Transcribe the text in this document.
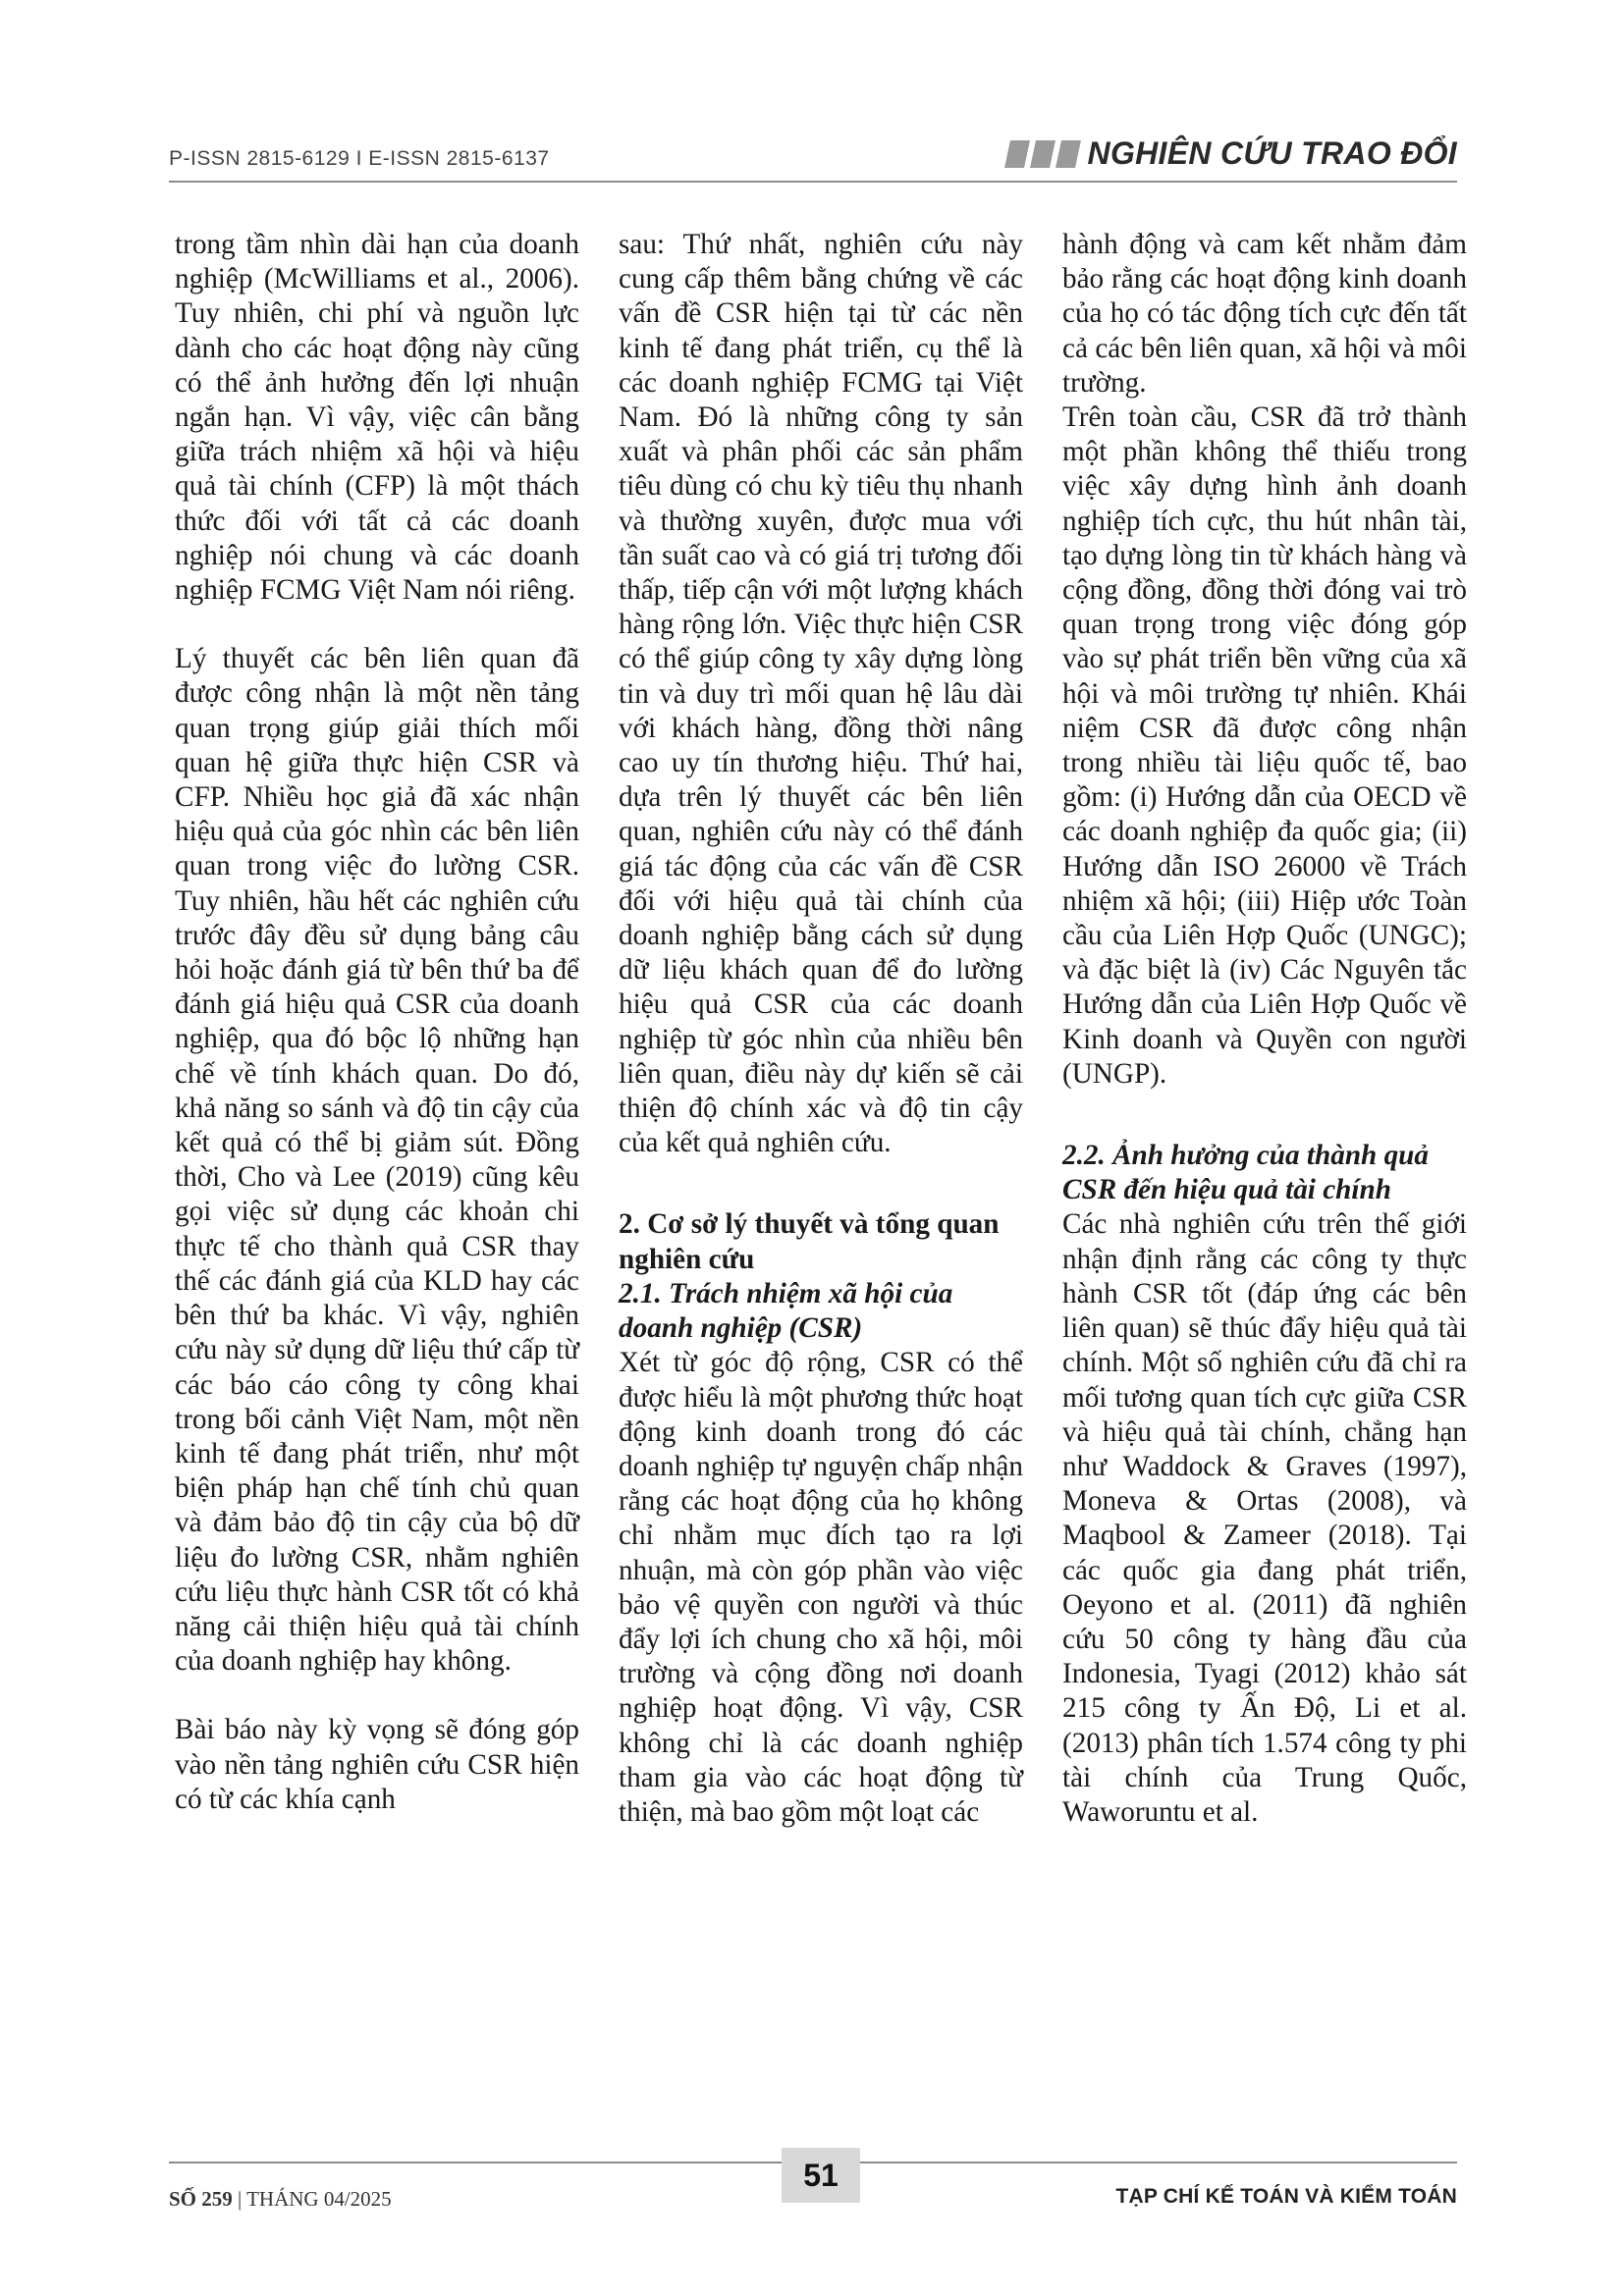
P-ISSN 2815-6129 I E-ISSN 2815-6137	NGHIÊN CỨU TRAO ĐỔI

trong tầm nhìn dài hạn của doanh nghiệp (McWilliams et al., 2006). Tuy nhiên, chi phí và nguồn lực dành cho các hoạt động này cũng có thể ảnh hưởng đến lợi nhuận ngắn hạn. Vì vậy, việc cân bằng giữa trách nhiệm xã hội và hiệu quả tài chính (CFP) là một thách thức đối với tất cả các doanh nghiệp nói chung và các doanh nghiệp FCMG Việt Nam nói riêng.

Lý thuyết các bên liên quan đã được công nhận là một nền tảng quan trọng giúp giải thích mối quan hệ giữa thực hiện CSR và CFP. Nhiều học giả đã xác nhận hiệu quả của góc nhìn các bên liên quan trong việc đo lường CSR. Tuy nhiên, hầu hết các nghiên cứu trước đây đều sử dụng bảng câu hỏi hoặc đánh giá từ bên thứ ba để đánh giá hiệu quả CSR của doanh nghiệp, qua đó bộc lộ những hạn chế về tính khách quan. Do đó, khả năng so sánh và độ tin cậy của kết quả có thể bị giảm sút. Đồng thời, Cho và Lee (2019) cũng kêu gọi việc sử dụng các khoản chi thực tế cho thành quả CSR thay thế các đánh giá của KLD hay các bên thứ ba khác. Vì vậy, nghiên cứu này sử dụng dữ liệu thứ cấp từ các báo cáo công ty công khai trong bối cảnh Việt Nam, một nền kinh tế đang phát triển, như một biện pháp hạn chế tính chủ quan và đảm bảo độ tin cậy của bộ dữ liệu đo lường CSR, nhằm nghiên cứu liệu thực hành CSR tốt có khả năng cải thiện hiệu quả tài chính của doanh nghiệp hay không.

Bài báo này kỳ vọng sẽ đóng góp vào nền tảng nghiên cứu CSR hiện có từ các khía cạnh

sau: Thứ nhất, nghiên cứu này cung cấp thêm bằng chứng về các vấn đề CSR hiện tại từ các nền kinh tế đang phát triển, cụ thể là các doanh nghiệp FCMG tại Việt Nam. Đó là những công ty sản xuất và phân phối các sản phẩm tiêu dùng có chu kỳ tiêu thụ nhanh và thường xuyên, được mua với tần suất cao và có giá trị tương đối thấp, tiếp cận với một lượng khách hàng rộng lớn. Việc thực hiện CSR có thể giúp công ty xây dựng lòng tin và duy trì mối quan hệ lâu dài với khách hàng, đồng thời nâng cao uy tín thương hiệu. Thứ hai, dựa trên lý thuyết các bên liên quan, nghiên cứu này có thể đánh giá tác động của các vấn đề CSR đối với hiệu quả tài chính của doanh nghiệp bằng cách sử dụng dữ liệu khách quan để đo lường hiệu quả CSR của các doanh nghiệp từ góc nhìn của nhiều bên liên quan, điều này dự kiến sẽ cải thiện độ chính xác và độ tin cậy của kết quả nghiên cứu.

2. Cơ sở lý thuyết và tổng quan nghiên cứu
2.1. Trách nhiệm xã hội của doanh nghiệp (CSR)

Xét từ góc độ rộng, CSR có thể được hiểu là một phương thức hoạt động kinh doanh trong đó các doanh nghiệp tự nguyện chấp nhận rằng các hoạt động của họ không chỉ nhằm mục đích tạo ra lợi nhuận, mà còn góp phần vào việc bảo vệ quyền con người và thúc đẩy lợi ích chung cho xã hội, môi trường và cộng đồng nơi doanh nghiệp hoạt động. Vì vậy, CSR không chỉ là các doanh nghiệp tham gia vào các hoạt động từ thiện, mà bao gồm một loạt các

hành động và cam kết nhằm đảm bảo rằng các hoạt động kinh doanh của họ có tác động tích cực đến tất cả các bên liên quan, xã hội và môi trường.

Trên toàn cầu, CSR đã trở thành một phần không thể thiếu trong việc xây dựng hình ảnh doanh nghiệp tích cực, thu hút nhân tài, tạo dựng lòng tin từ khách hàng và cộng đồng, đồng thời đóng vai trò quan trọng trong việc đóng góp vào sự phát triển bền vững của xã hội và môi trường tự nhiên. Khái niệm CSR đã được công nhận trong nhiều tài liệu quốc tế, bao gồm: (i) Hướng dẫn của OECD về các doanh nghiệp đa quốc gia; (ii) Hướng dẫn ISO 26000 về Trách nhiệm xã hội; (iii) Hiệp ước Toàn cầu của Liên Hợp Quốc (UNGC); và đặc biệt là (iv) Các Nguyên tắc Hướng dẫn của Liên Hợp Quốc về Kinh doanh và Quyền con người (UNGP).

2.2. Ảnh hưởng của thành quả CSR đến hiệu quả tài chính

Các nhà nghiên cứu trên thế giới nhận định rằng các công ty thực hành CSR tốt (đáp ứng các bên liên quan) sẽ thúc đẩy hiệu quả tài chính. Một số nghiên cứu đã chỉ ra mối tương quan tích cực giữa CSR và hiệu quả tài chính, chẳng hạn như Waddock & Graves (1997), Moneva & Ortas (2008), và Maqbool & Zameer (2018). Tại các quốc gia đang phát triển, Oeyono et al. (2011) đã nghiên cứu 50 công ty hàng đầu của Indonesia, Tyagi (2012) khảo sát 215 công ty Ấn Độ, Li et al. (2013) phân tích 1.574 công ty phi tài chính của Trung Quốc, Waworuntu et al.

SỐ 259 | THÁNG 04/2025
51
TẠP CHÍ KẾ TOÁN VÀ KIỂM TOÁN
